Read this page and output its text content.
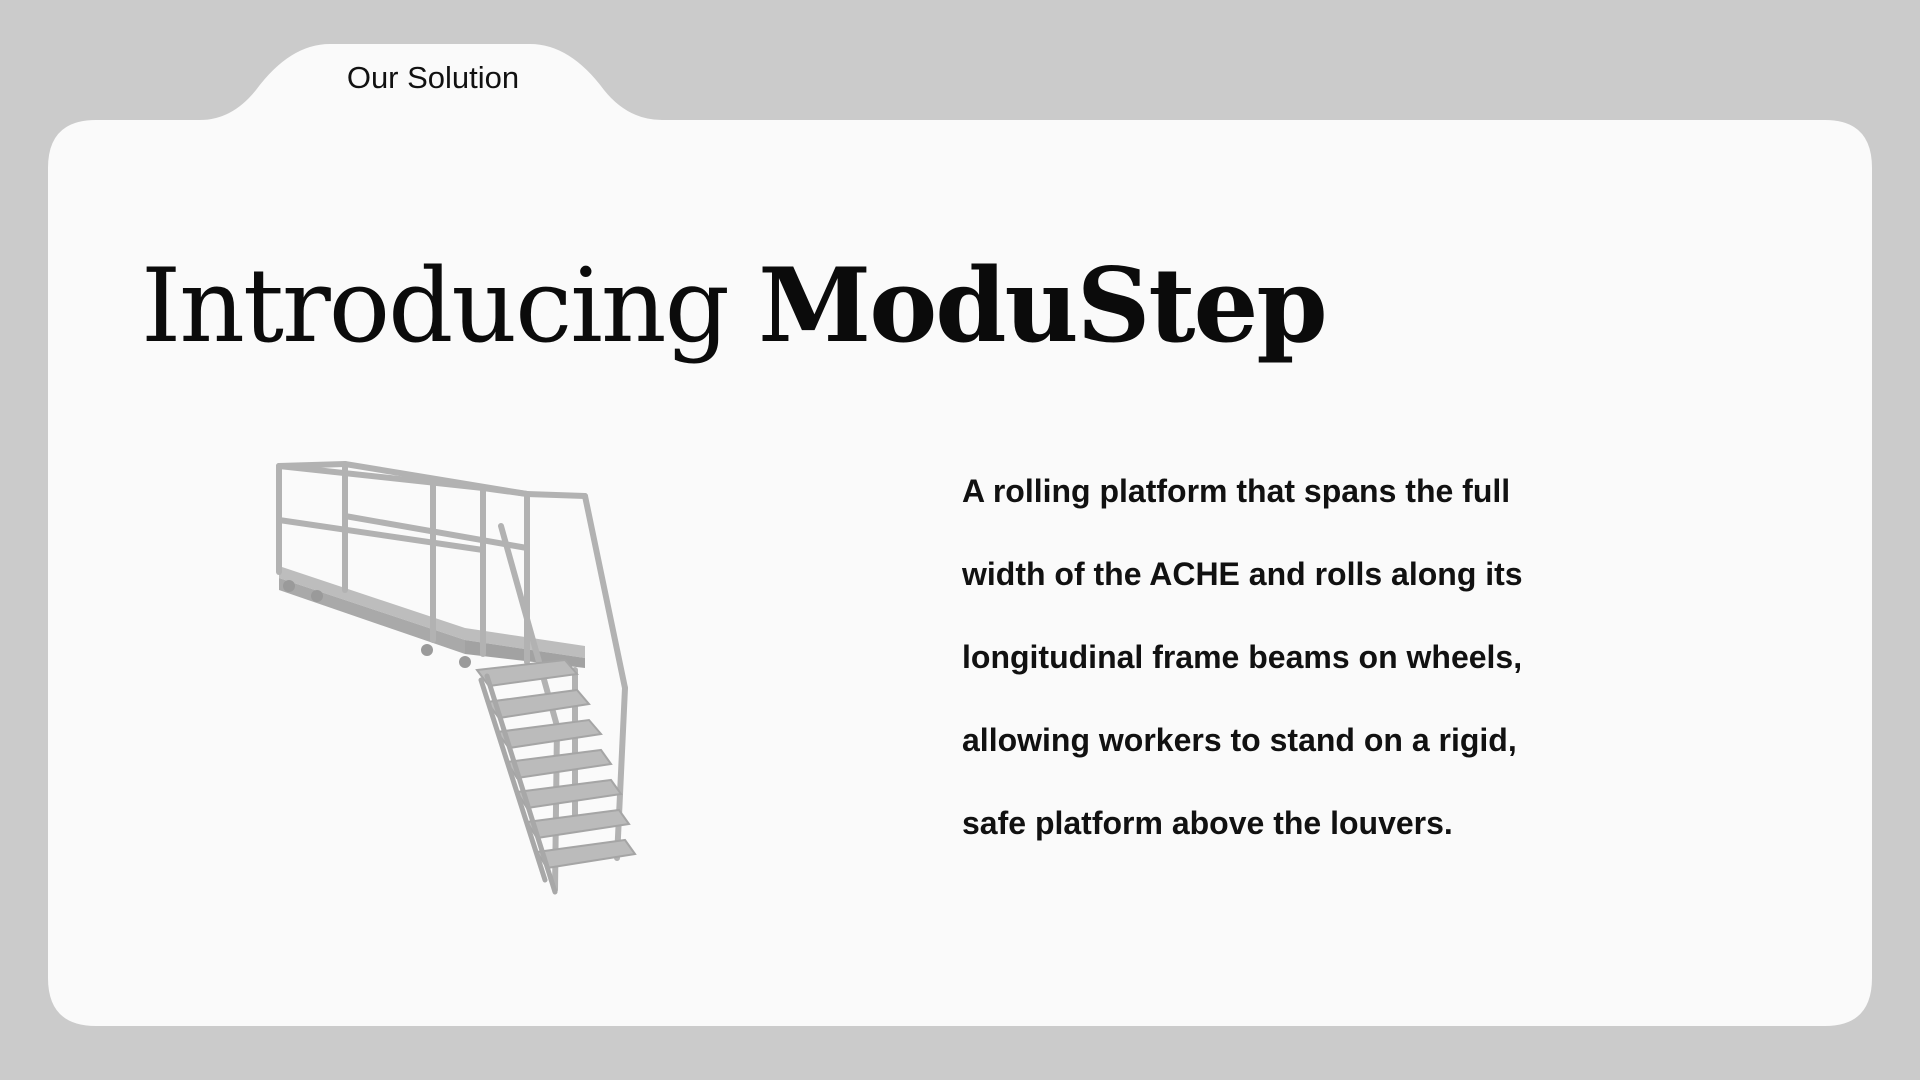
Our Solution
Introducing ModuStep

A rolling platform that spans the full
width of the ACHE and rolls along its
longitudinal frame beams on wheels,
allowing workers to stand on a rigid,
safe platform above the louvers.
